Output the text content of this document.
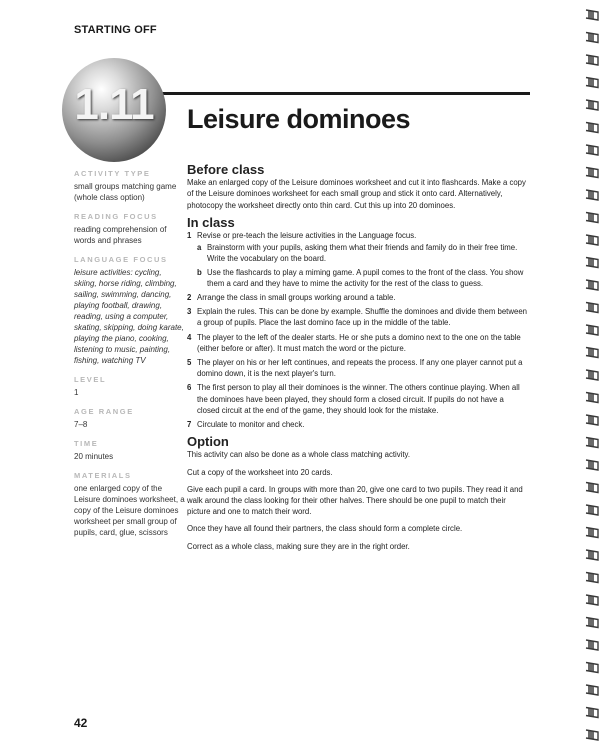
STARTING OFF
1.11	Leisure dominoes
ACTIVITY TYPE
small groups matching game (whole class option)
READING FOCUS
reading comprehension of words and phrases
LANGUAGE FOCUS
leisure activities: cycling, skiing, horse riding, climbing, sailing, swimming, dancing, playing football, drawing, reading, using a computer, skating, skipping, doing karate, playing the piano, cooking, listening to music, painting, fishing, watching TV
LEVEL
1
AGE RANGE
7–8
TIME
20 minutes
MATERIALS
one enlarged copy of the Leisure dominoes worksheet, a copy of the Leisure dominoes worksheet per small group of pupils, card, glue, scissors
Before class
Make an enlarged copy of the Leisure dominoes worksheet and cut it into flashcards. Make a copy of the Leisure dominoes worksheet for each small group and stick it onto card. Alternatively, photocopy the worksheet directly onto thin card. Cut this up into 20 dominoes.
In class
1 Revise or pre-teach the leisure activities in the Language focus.
a Brainstorm with your pupils, asking them what their friends and family do in their free time. Write the vocabulary on the board.
b Use the flashcards to play a miming game. A pupil comes to the front of the class. You show them a card and they have to mime the activity for the rest of the class to guess.
2 Arrange the class in small groups working around a table.
3 Explain the rules. This can be done by example. Shuffle the dominoes and divide them between a group of pupils. Place the last domino face up in the middle of the table.
4 The player to the left of the dealer starts. He or she puts a domino next to the one on the table (either before or after). It must match the word or the picture.
5 The player on his or her left continues, and repeats the process. If any one player cannot put a domino down, it is the next player's turn.
6 The first person to play all their dominoes is the winner. The others continue playing. When all the dominoes have been played, they should form a closed circuit. If pupils do not have a closed circuit at the end of the game, they should look for the mistake.
7 Circulate to monitor and check.
Option
This activity can also be done as a whole class matching activity.
Cut a copy of the worksheet into 20 cards.
Give each pupil a card. In groups with more than 20, give one card to two pupils. They read it and walk around the class looking for their other halves. There should be one pupil to match their picture and one to match their word.
Once they have all found their partners, the class should form a complete circle.
Correct as a whole class, making sure they are in the right order.
42
